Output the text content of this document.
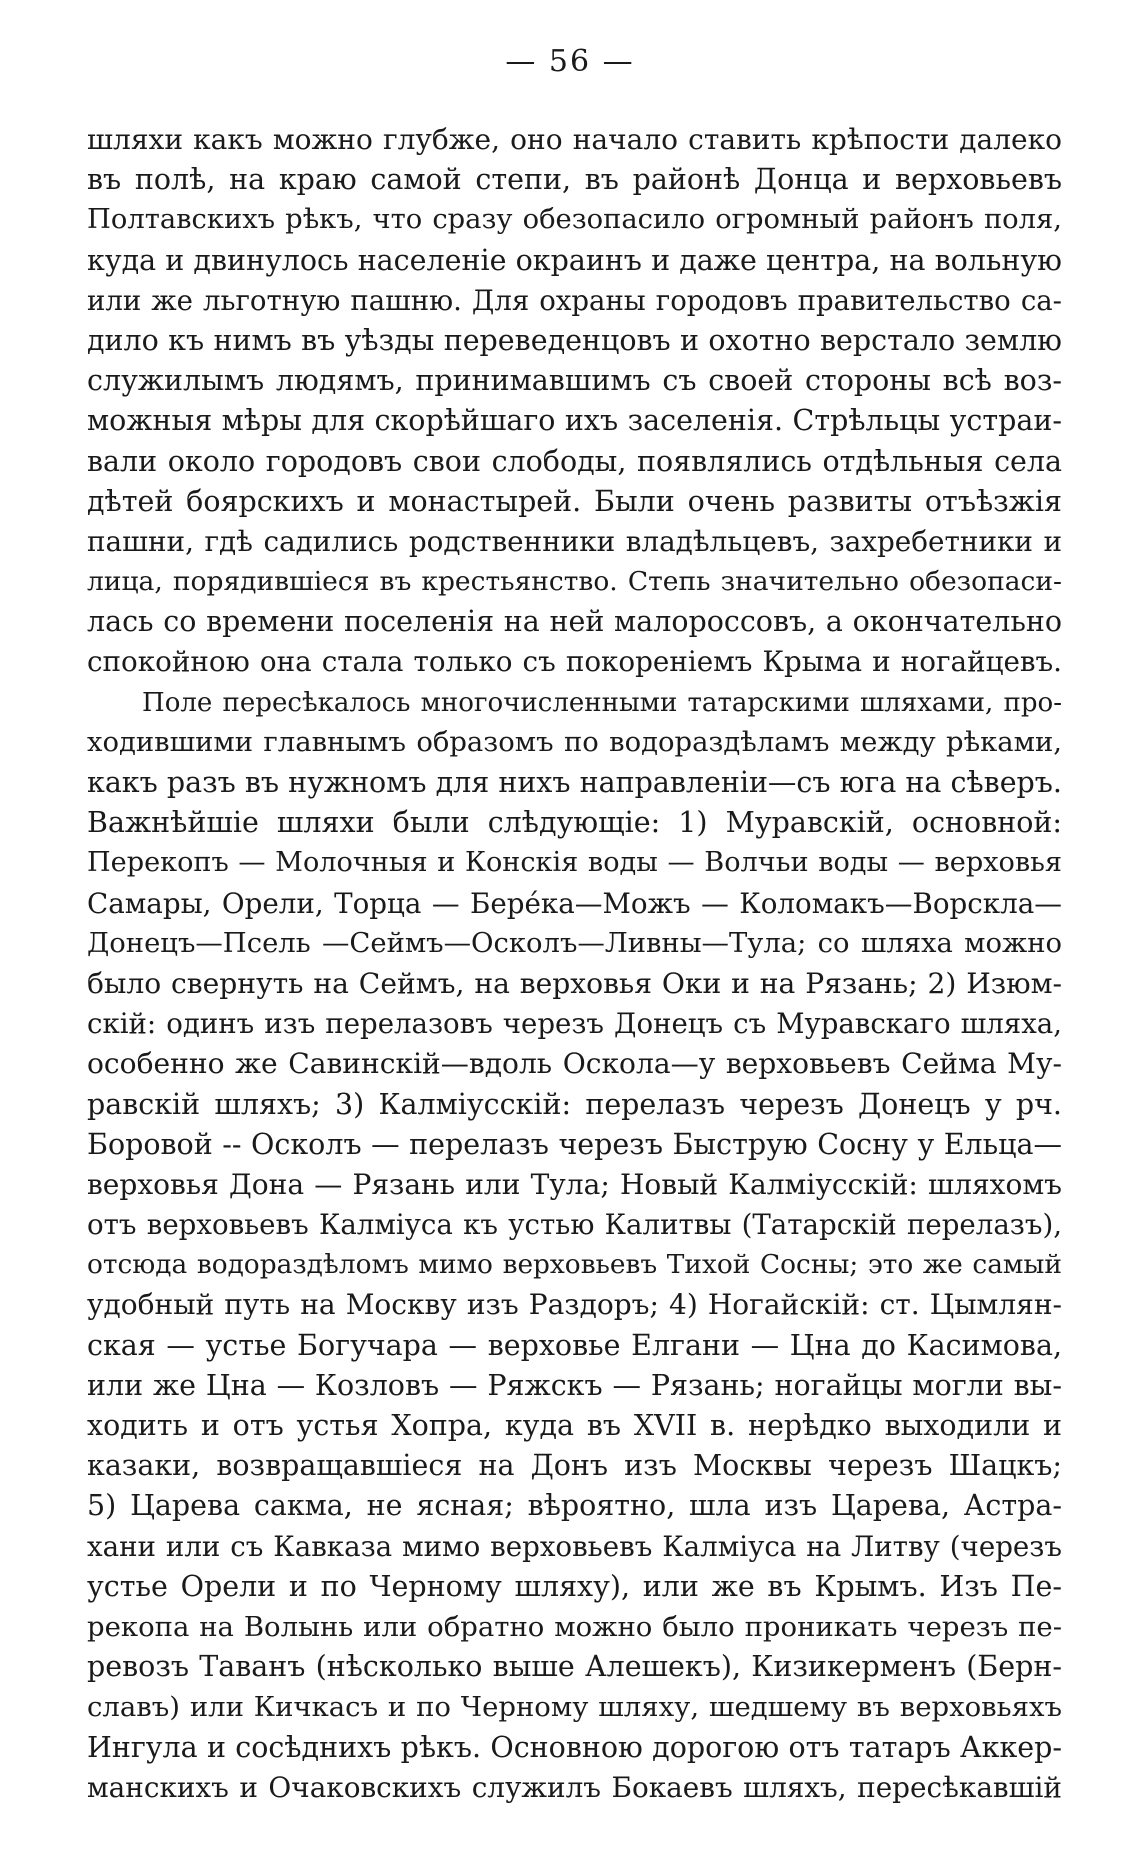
— 56 —
шляхи какъ можно глубже, оно начало ставить крѣпости далеко
въ полѣ, на краю самой степи, въ районѣ Донца и верховьевъ
Полтавскихъ рѣкъ, что сразу обезопасило огромный районъ поля,
куда и двинулось населеніе окраинъ и даже центра, на вольную
или же льготную пашню. Для охраны городовъ правительство са-
дило къ нимъ въ уѣзды переведенцовъ и охотно верстало землю
служилымъ людямъ, принимавшимъ съ своей стороны всѣ воз-
можныя мѣры для скорѣйшаго ихъ заселенія. Стрѣльцы устраи-
вали около городовъ свои слободы, появлялись отдѣльныя села
дѣтей боярскихъ и монастырей. Были очень развиты отъѣзжія
пашни, гдѣ садились родственники владѣльцевъ, захребетники и
лица, порядившіеся въ крестьянство. Степь значительно обезопаси-
лась со времени поселенія на ней малороссовъ, а окончательно
спокойною она стала только съ покореніемъ Крыма и ногайцевъ.
Поле пересѣкалось многочисленными татарскими шляхами, про-
ходившими главнымъ образомъ по водораздѣламъ между рѣками,
какъ разъ въ нужномъ для нихъ направленіи—съ юга на сѣверъ.
Важнѣйшіе шляхи были слѣдующіе: 1) Муравскій, основной:
Перекопъ — Молочныя и Конскія воды — Волчьи воды — верховья
Самары, Орели, Торца — Берéка—Можъ — Коломакъ—Ворскла—
Донецъ—Псель —Сеймъ—Осколъ—Ливны—Тула; со шляха можно
было свернуть на Сеймъ, на верховья Оки и на Рязань; 2) Изюм-
скій: одинъ изъ перелазовъ черезъ Донецъ съ Муравскаго шляха,
особенно же Савинскій—вдоль Оскола—у верховьевъ Сейма Му-
равскій шляхъ; 3) Калміусскій: перелазъ черезъ Донецъ у рч.
Боровой -- Осколъ — перелазъ черезъ Быструю Сосну у Ельца—
верховья Дона — Рязань или Тула; Новый Калміусскій: шляхомъ
отъ верховьевъ Калміуса къ устью Калитвы (Татарскій перелазъ),
отсюда водораздѣломъ мимо верховьевъ Тихой Сосны; это же самый
удобный путь на Москву изъ Раздоръ; 4) Ногайскій: ст. Цымлян-
ская — устье Богучара — верховье Елгани — Цна до Касимова,
или же Цна — Козловъ — Ряжскъ — Рязань; ногайцы могли вы-
ходить и отъ устья Хопра, куда въ XVII в. нерѣдко выходили и
казаки, возвращавшіеся на Донъ изъ Москвы черезъ Шацкъ;
5) Царева сакма, не ясная; вѣроятно, шла изъ Царева, Астра-
хани или съ Кавказа мимо верховьевъ Калміуса на Литву (черезъ
устье Орели и по Черному шляху), или же въ Крымъ. Изъ Пе-
рекопа на Волынь или обратно можно было проникать черезъ пе-
ревозъ Таванъ (нѣсколько выше Алешекъ), Кизикерменъ (Берн-
славъ) или Кичкасъ и по Черному шляху, шедшему въ верховьяхъ
Ингула и сосѣднихъ рѣкъ. Основною дорогою отъ татаръ Аккер-
манскихъ и Очаковскихъ служилъ Бокаевъ шляхъ, пересѣкавшій
